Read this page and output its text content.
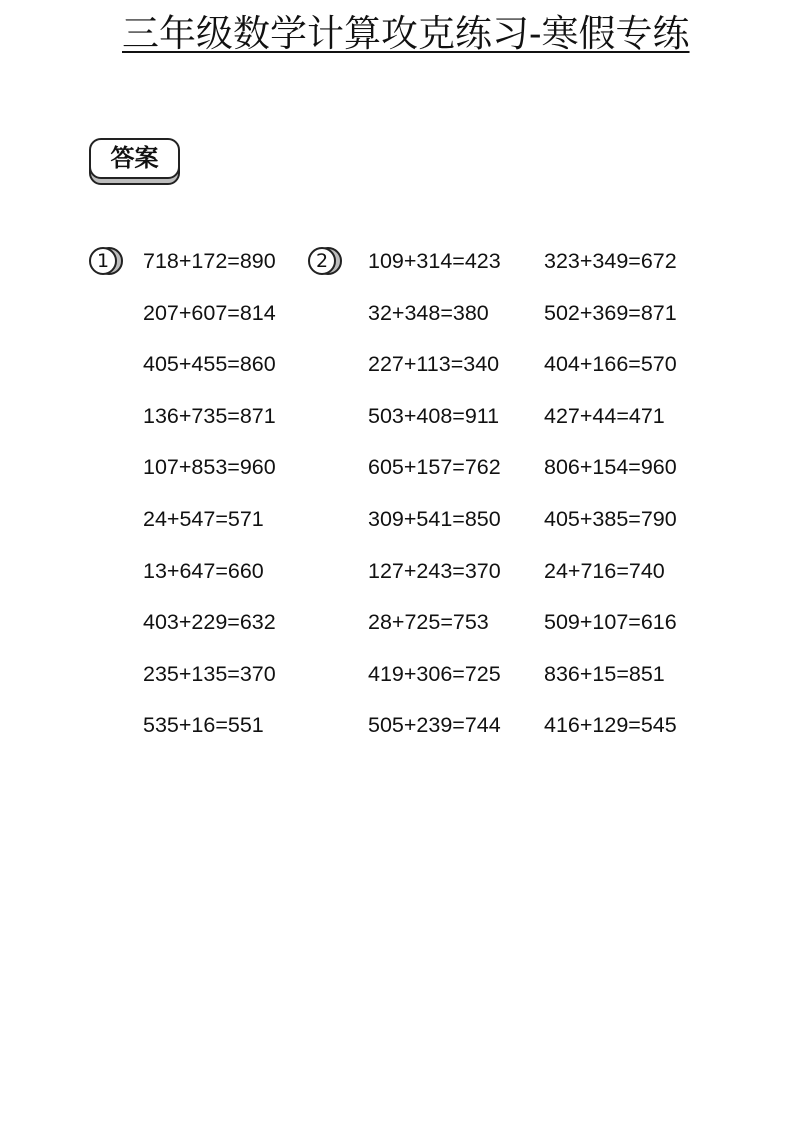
三年级数学计算攻克练习-寒假专练
答案
1	2
718+172=890
207+607=814
405+455=860
136+735=871
107+853=960
24+547=571
13+647=660
403+229=632
235+135=370
535+16=551
109+314=423
32+348=380
227+113=340
503+408=911
605+157=762
309+541=850
127+243=370
28+725=753
419+306=725
505+239=744
323+349=672
502+369=871
404+166=570
427+44=471
806+154=960
405+385=790
24+716=740
509+107=616
836+15=851
416+129=545
